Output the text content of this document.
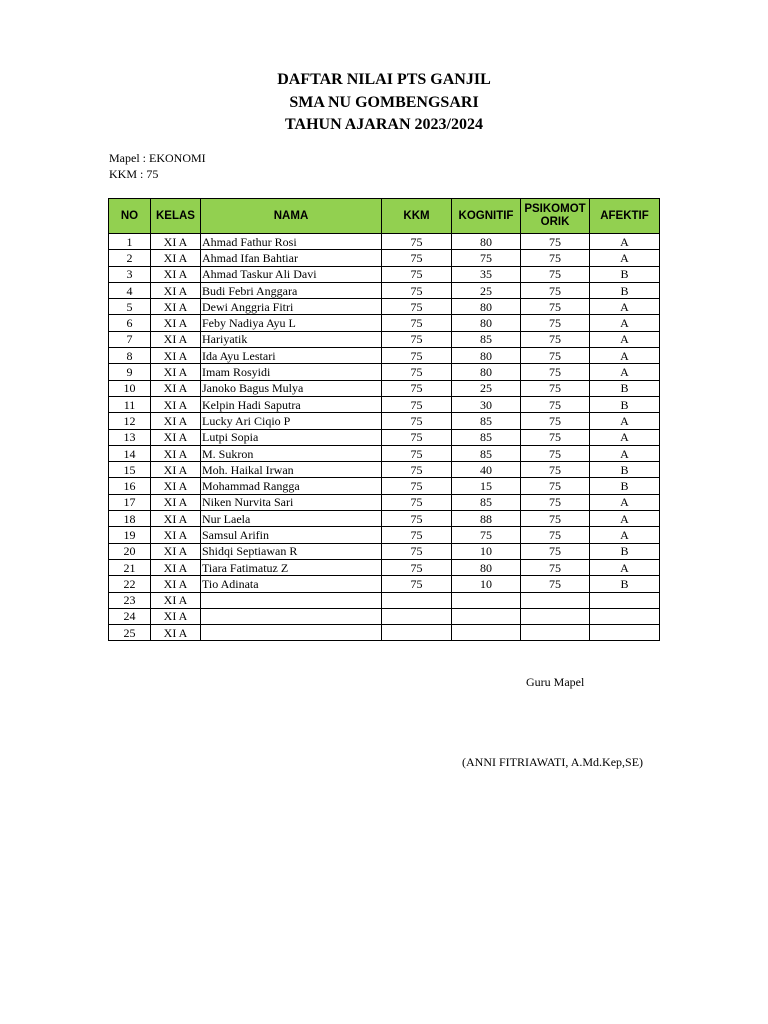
DAFTAR NILAI PTS GANJIL
SMA NU GOMBENGSARI
TAHUN AJARAN 2023/2024
Mapel : EKONOMI
KKM : 75
NO	KELAS	NAMA	KKM	KOGNITIF	PSIKOMOTORIK	AFEKTIF
1	XI A	Ahmad Fathur Rosi	75	80	75	A
2	XI A	Ahmad Ifan Bahtiar	75	75	75	A
3	XI A	Ahmad Taskur Ali Davi	75	35	75	B
4	XI A	Budi Febri Anggara	75	25	75	B
5	XI A	Dewi Anggria Fitri	75	80	75	A
6	XI A	Feby Nadiya Ayu L	75	80	75	A
7	XI A	Hariyatik	75	85	75	A
8	XI A	Ida Ayu Lestari	75	80	75	A
9	XI A	Imam Rosyidi	75	80	75	A
10	XI A	Janoko Bagus Mulya	75	25	75	B
11	XI A	Kelpin Hadi Saputra	75	30	75	B
12	XI A	Lucky Ari Ciqio P	75	85	75	A
13	XI A	Lutpi Sopia	75	85	75	A
14	XI A	M. Sukron	75	85	75	A
15	XI A	Moh. Haikal Irwan	75	40	75	B
16	XI A	Mohammad Rangga	75	15	75	B
17	XI A	Niken Nurvita Sari	75	85	75	A
18	XI A	Nur Laela	75	88	75	A
19	XI A	Samsul Arifin	75	75	75	A
20	XI A	Shidqi Septiawan R	75	10	75	B
21	XI A	Tiara Fatimatuz Z	75	80	75	A
22	XI A	Tio Adinata	75	10	75	B
23	XI A					
24	XI A					
25	XI A					
Guru Mapel
(ANNI FITRIAWATI, A.Md.Kep,SE)
